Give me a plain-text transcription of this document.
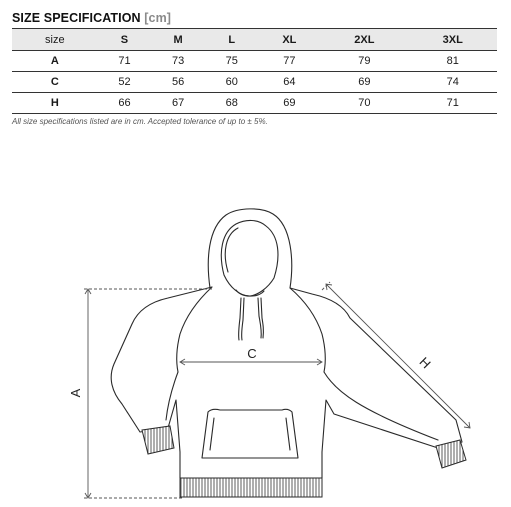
SIZE SPECIFICATION [cm]
size	S	M	L	XL	2XL	3XL
A	71	73	75	77	79	81
C	52	56	60	64	69	74
H	66	67	68	69	70	71
All size specifications listed are in cm. Accepted tolerance of up to ± 5%.
A
C
H
